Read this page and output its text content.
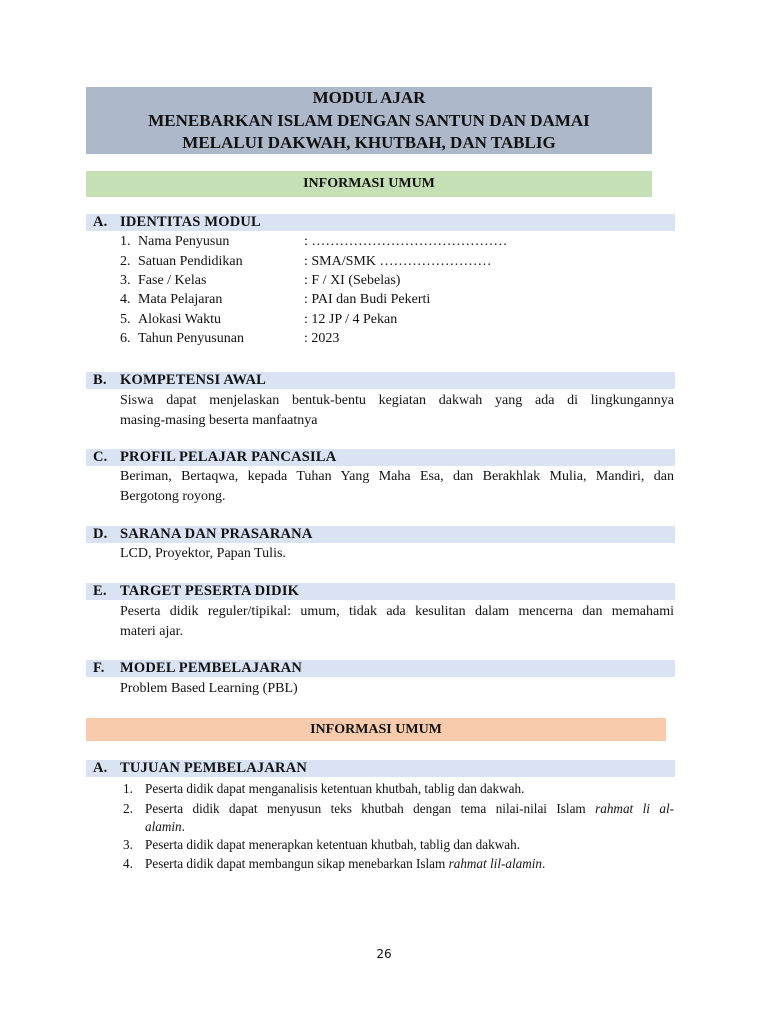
MODUL AJAR
MENEBARKAN ISLAM DENGAN SANTUN DAN DAMAI
MELALUI DAKWAH, KHUTBAH, DAN TABLIG
INFORMASI UMUM
A. IDENTITAS MODUL
1. Nama Penyusun	: ……………………………………
2. Satuan Pendidikan	: SMA/SMK ……………………
3. Fase / Kelas	: F / XI (Sebelas)
4. Mata Pelajaran	: PAI dan Budi Pekerti
5. Alokasi Waktu	: 12 JP / 4 Pekan
6. Tahun Penyusunan	: 2023
B. KOMPETENSI AWAL
Siswa dapat menjelaskan bentuk-bentu kegiatan dakwah yang ada di lingkungannya
masing-masing beserta manfaatnya
C. PROFIL PELAJAR PANCASILA
Beriman, Bertaqwa, kepada Tuhan Yang Maha Esa, dan Berakhlak Mulia, Mandiri, dan
Bergotong royong.
D. SARANA DAN PRASARANA
LCD, Proyektor, Papan Tulis.
E. TARGET PESERTA DIDIK
Peserta didik reguler/tipikal: umum, tidak ada kesulitan dalam mencerna dan memahami
materi ajar.
F. MODEL PEMBELAJARAN
Problem Based Learning (PBL)
INFORMASI UMUM
A. TUJUAN PEMBELAJARAN
1. Peserta didik dapat menganalisis ketentuan khutbah, tablig dan dakwah.
2. Peserta didik dapat menyusun teks khutbah dengan tema nilai-nilai Islam rahmat li al-
alamin.
3. Peserta didik dapat menerapkan ketentuan khutbah, tablig dan dakwah.
4. Peserta didik dapat membangun sikap menebarkan Islam rahmat lil-alamin.
26
